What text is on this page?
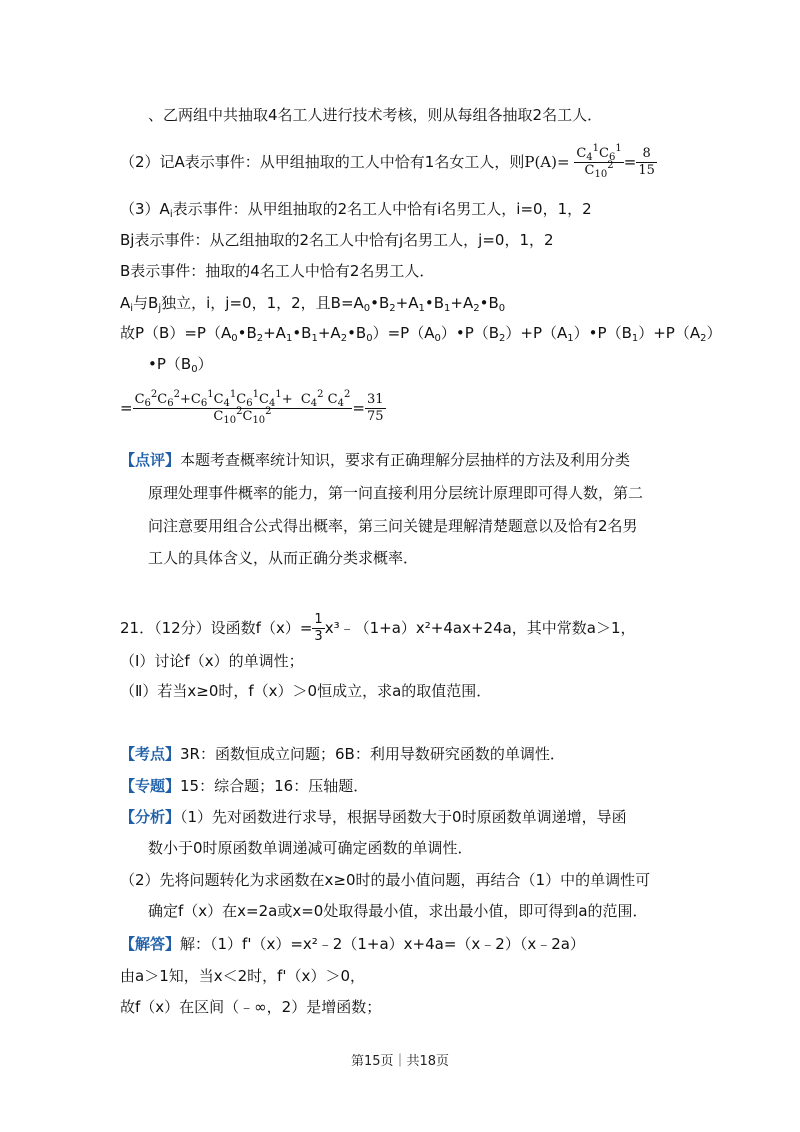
、乙两组中共抽取4名工人进行技术考核，则从每组各抽取2名工人．
（2）记A表示事件：从甲组抽取的工人中恰有1名女工人，则$P(A)= \frac{C_4^1C_6^1}{C_{10}^2} = \frac{8}{15}$
$(3)A_i$表示事件：从甲组抽取的2名工人中恰有i名男工人，i=0，1，2
Bj表示事件：从乙组抽取的2名工人中恰有j名男工人，j=0，1，2
B表示事件：抽取的4名工人中恰有2名男工人．
$A_i$与$B_j$独立，i，j=0，1，2，且$B=A_0•B_2+A_1•B_1+A_2•B_0$
故$P(B)=P(A_0•B_2+A_1•B_1+A_2•B_0)=P(A_0)•P(B_2)+P(A_1)•P(B_1)+P(A_2)$
$•P(B_0)$
= $\frac{C_6^2C_6^2+C_6^1C_4^1C_6^1C_4^1+ C_4^2 C_4^2}{C_{10}^2C_{10}^2} = \frac{31}{75}$
【点评】本题考查概率统计知识，要求有正确理解分层抽样的方法及利用分类
原理处理事件概率的能力，第一问直接利用分层统计原理即可得人数，第二
问注意要用组合公式得出概率，第三问关键是理解清楚题意以及恰有2名男
工人的具体含义，从而正确分类求概率．
21．（12分）设函数$f(x)= \frac{1}{3}$ x³﹣（1+a）x²+4ax+24a，其中常数a＞1，
（Ⅰ）讨论f（x）的单调性；
（Ⅱ）若当x≥0时，f（x）＞0恒成立，求a的取值范围．
【考点】3R：函数恒成立问题；6B：利用导数研究函数的单调性．
【专题】15：综合题；16：压轴题．
【分析】（1）先对函数进行求导，根据导函数大于0时原函数单调递增，导函
数小于0时原函数单调递减可确定函数的单调性．
（2）先将问题转化为求函数在x≥0时的最小值问题，再结合（1）中的单调性可
确定f（x）在x=2a或x=0处取得最小值，求出最小值，即可得到a的范围．
【解答】解：（1）f'（x）=x²﹣2（1+a）x+4a=（x﹣2）（x﹣2a）
由a＞1知，当x＜2时，f'（x）＞0，
故f（x）在区间（﹣∞，2）是增函数；
第15页｜共18页
